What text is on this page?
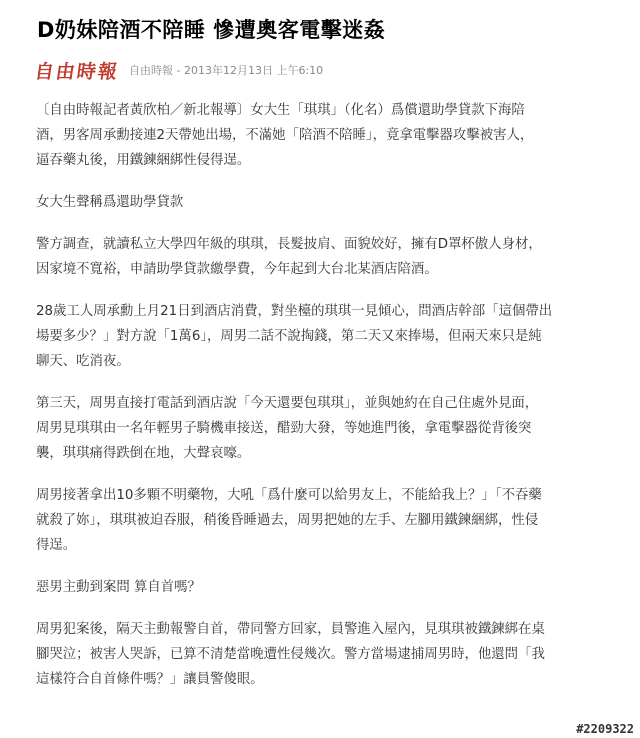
D奶妹陪酒不陪睡 慘遭奧客電擊迷姦
自由時報 自由時報 - 2013年12月13日 上午6:10
〔自由時報記者黃欣柏／新北報導〕女大生「琪琪」（化名）爲償還助學貸款下海陪
酒，男客周承勳接連2天帶她出場，不滿她「陪酒不陪睡」，竟拿電擊器攻擊被害人，
逼吞藥丸後，用鐵鍊綑綁性侵得逞。
女大生聲稱爲還助學貸款
警方調查，就讀私立大學四年級的琪琪，長髮披肩、面貌姣好，擁有D罩杯傲人身材，
因家境不寬裕，申請助學貸款繳學費，今年起到大台北某酒店陪酒。
28歲工人周承勳上月21日到酒店消費，對坐檯的琪琪一見傾心，問酒店幹部「這個帶出
場要多少？」對方說「1萬6」，周男二話不說掏錢，第二天又來捧場，但兩天來只是純
聊天、吃消夜。
第三天，周男直接打電話到酒店說「今天還要包琪琪」，並與她約在自己住處外見面，
周男見琪琪由一名年輕男子騎機車接送，醋勁大發，等她進門後，拿電擊器從背後突
襲，琪琪痛得跌倒在地，大聲哀嚎。
周男接著拿出10多顆不明藥物，大吼「爲什麼可以給男友上，不能給我上？」「不吞藥
就殺了妳」，琪琪被迫吞服，稍後昏睡過去，周男把她的左手、左腳用鐵鍊綑綁，性侵
得逞。
惡男主動到案問 算自首嗎？
周男犯案後，隔天主動報警自首，帶同警方回家，員警進入屋內，見琪琪被鐵鍊綁在桌
腳哭泣；被害人哭訴，已算不清楚當晚遭性侵幾次。警方當場逮捕周男時，他還問「我
這樣符合自首條件嗎？」讓員警傻眼。
#2209322
